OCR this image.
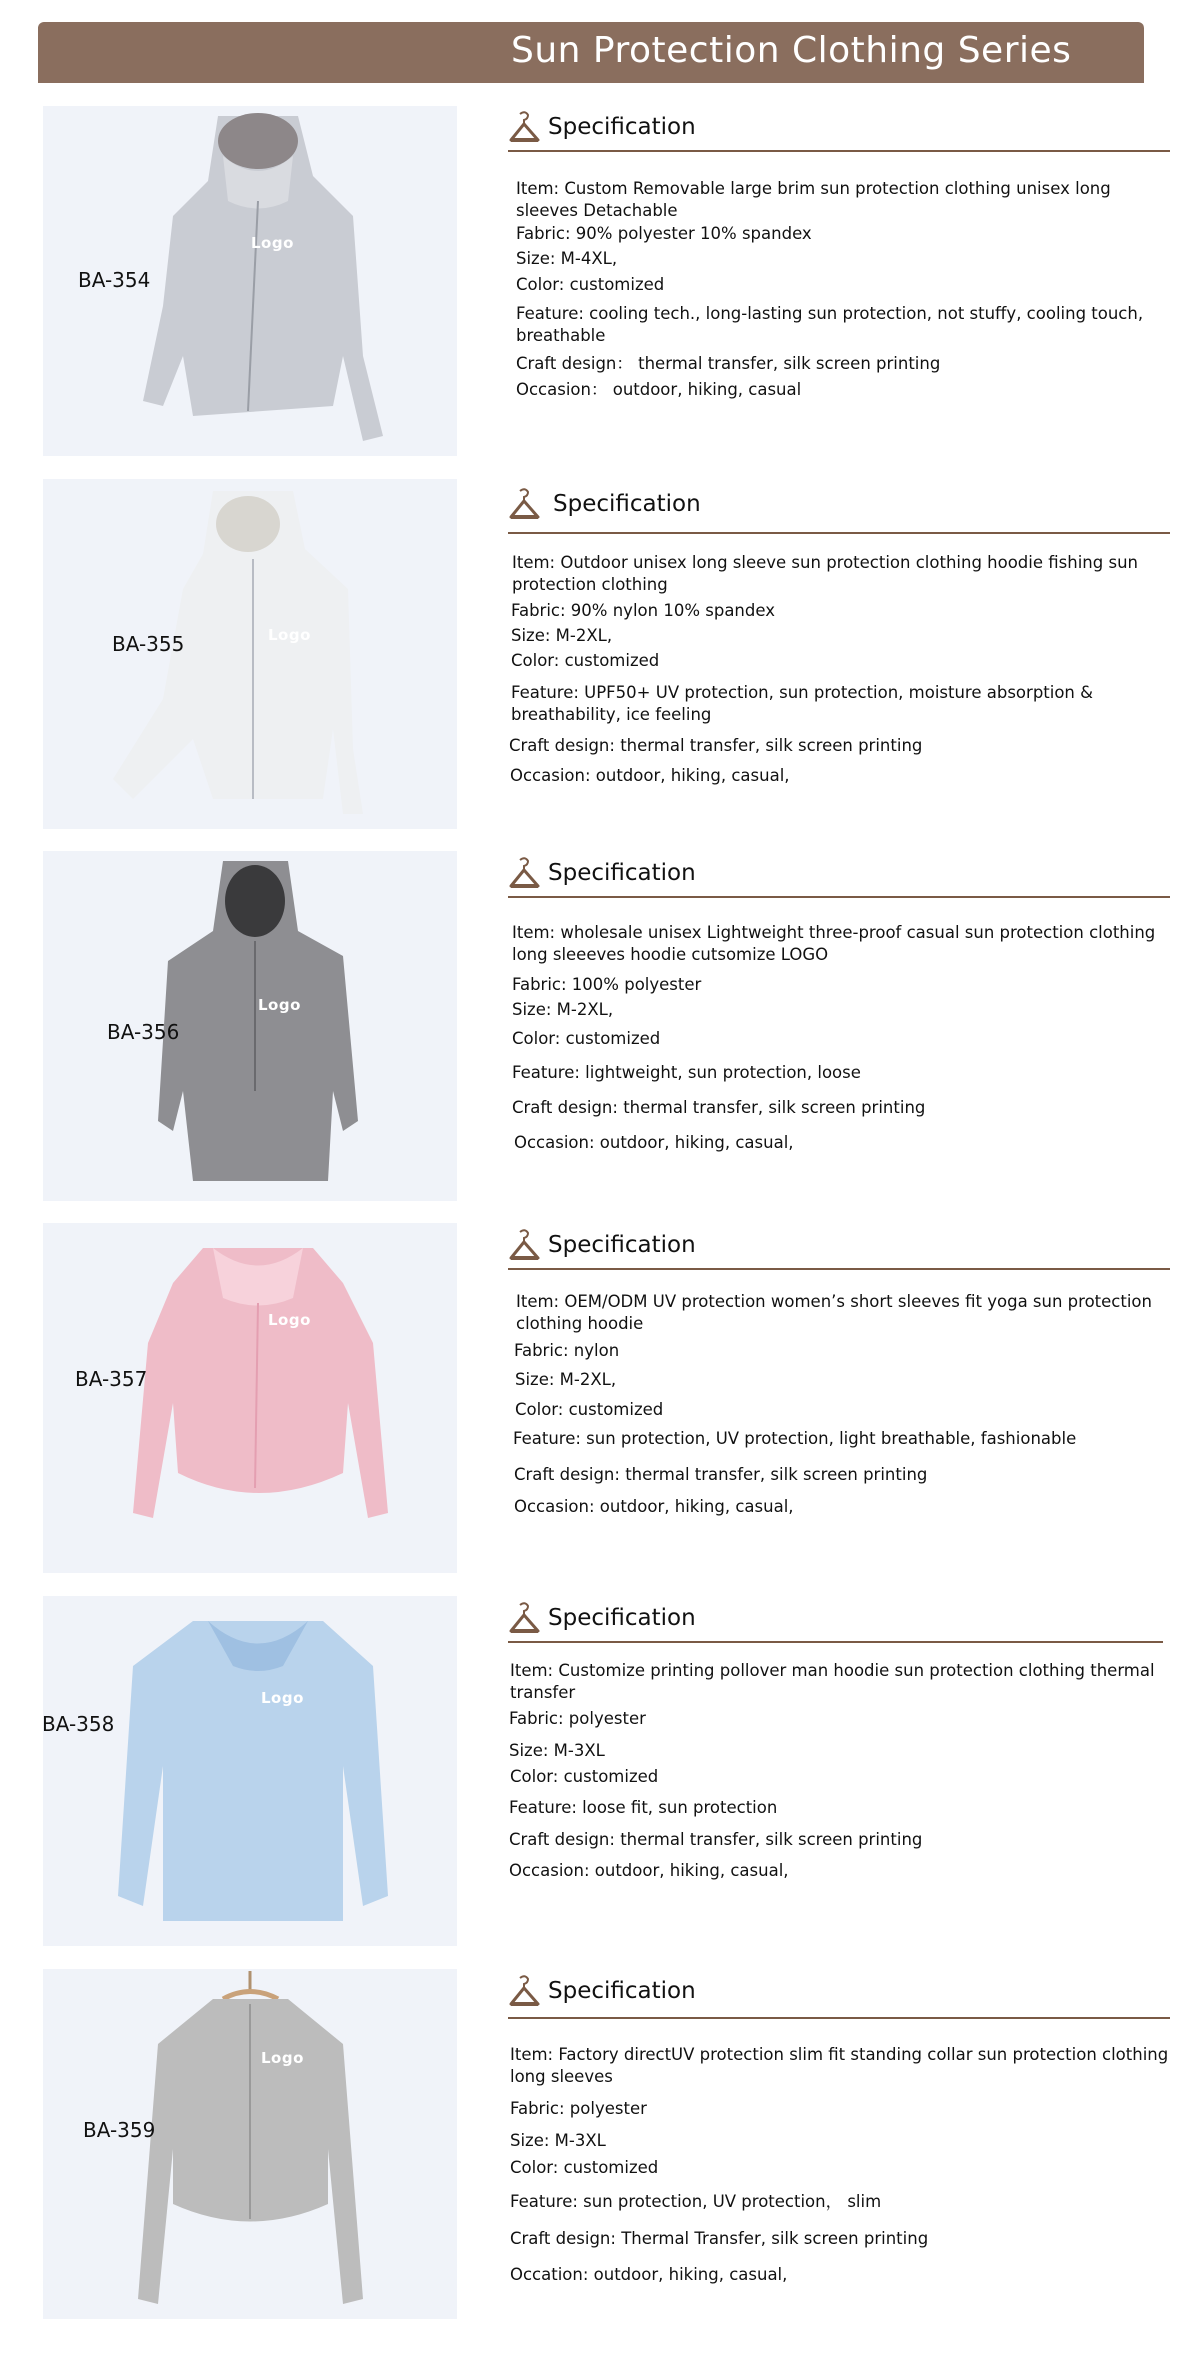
Sun Protection Clothing Series
Logo
BA-354
Specification
Item: Custom Removable large brim sun protection clothing unisex long sleeves Detachable
Fabric: 90% polyester 10% spandex
Size: M-4XL,
Color: customized
Feature: cooling tech., long-lasting sun protection, not stuffy, cooling touch, breathable
Craft design： thermal transfer, silk screen printing
Occasion： outdoor, hiking, casual
Logo
BA-355
Specification
Item: Outdoor unisex long sleeve sun protection clothing hoodie fishing sun protection clothing
Fabric: 90% nylon 10% spandex
Size: M-2XL,
Color: customized
Feature: UPF50+ UV protection, sun protection, moisture absorption & breathability, ice feeling
Craft design: thermal transfer, silk screen printing
Occasion: outdoor, hiking, casual,
Logo
BA-356
Specification
Item: wholesale unisex Lightweight three-proof casual sun protection clothing long sleeeves hoodie cutsomize LOGO
Fabric: 100% polyester
Size: M-2XL,
Color: customized
Feature: lightweight, sun protection, loose
Craft design: thermal transfer, silk screen printing
Occasion: outdoor, hiking, casual,
Logo
BA-357
Specification
Item: OEM/ODM UV protection women’s short sleeves fit yoga sun protection clothing hoodie
Fabric: nylon
Size: M-2XL,
Color: customized
Feature: sun protection, UV protection, light breathable, fashionable
Craft design: thermal transfer, silk screen printing
Occasion: outdoor, hiking, casual,
Logo
BA-358
Specification
Item: Customize printing pollover man hoodie sun protection clothing thermal transfer
Fabric: polyester
Size: M-3XL
Color: customized
Feature: loose fit, sun protection
Craft design: thermal transfer, silk screen printing
Occasion: outdoor, hiking, casual,
Logo
BA-359
Specification
Item: Factory directUV protection slim fit standing collar sun protection clothing long sleeves
Fabric: polyester
Size: M-3XL
Color: customized
Feature: sun protection, UV protection， slim
Craft design: Thermal Transfer, silk screen printing
Occation: outdoor, hiking, casual,
